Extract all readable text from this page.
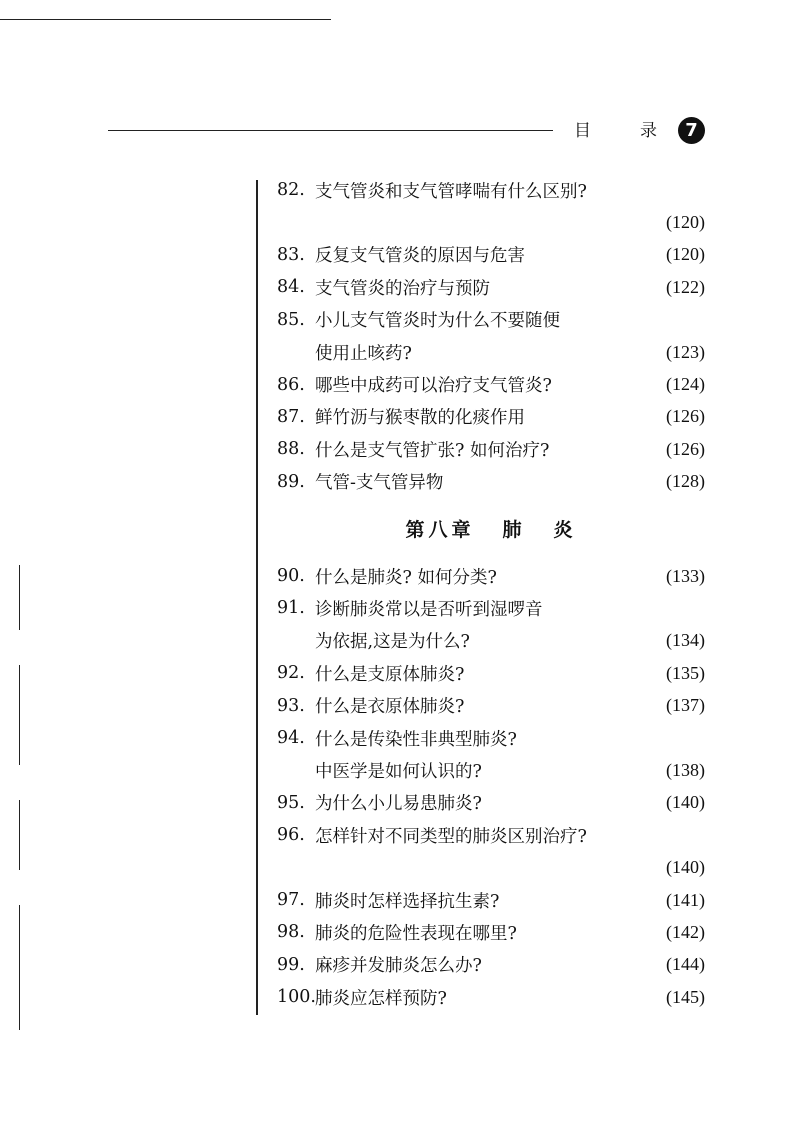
目	录	7
82. 支气管炎和支气管哮喘有什么区别?
(120)
83. 反复支气管炎的原因与危害	(120)
84. 支气管炎的治疗与预防	(122)
85. 小儿支气管炎时为什么不要随便
使用止咳药?	(123)
86. 哪些中成药可以治疗支气管炎?	(124)
87. 鲜竹沥与猴枣散的化痰作用	(126)
88. 什么是支气管扩张? 如何治疗?	(126)
89. 气管-支气管异物	(128)
第八章 肺 炎
90. 什么是肺炎? 如何分类?	(133)
91. 诊断肺炎常以是否听到湿啰音
为依据,这是为什么?	(134)
92. 什么是支原体肺炎?	(135)
93. 什么是衣原体肺炎?	(137)
94. 什么是传染性非典型肺炎?
中医学是如何认识的?	(138)
95. 为什么小儿易患肺炎?	(140)
96. 怎样针对不同类型的肺炎区别治疗?
(140)
97. 肺炎时怎样选择抗生素?	(141)
98. 肺炎的危险性表现在哪里?	(142)
99. 麻疹并发肺炎怎么办?	(144)
100. 肺炎应怎样预防?	(145)
